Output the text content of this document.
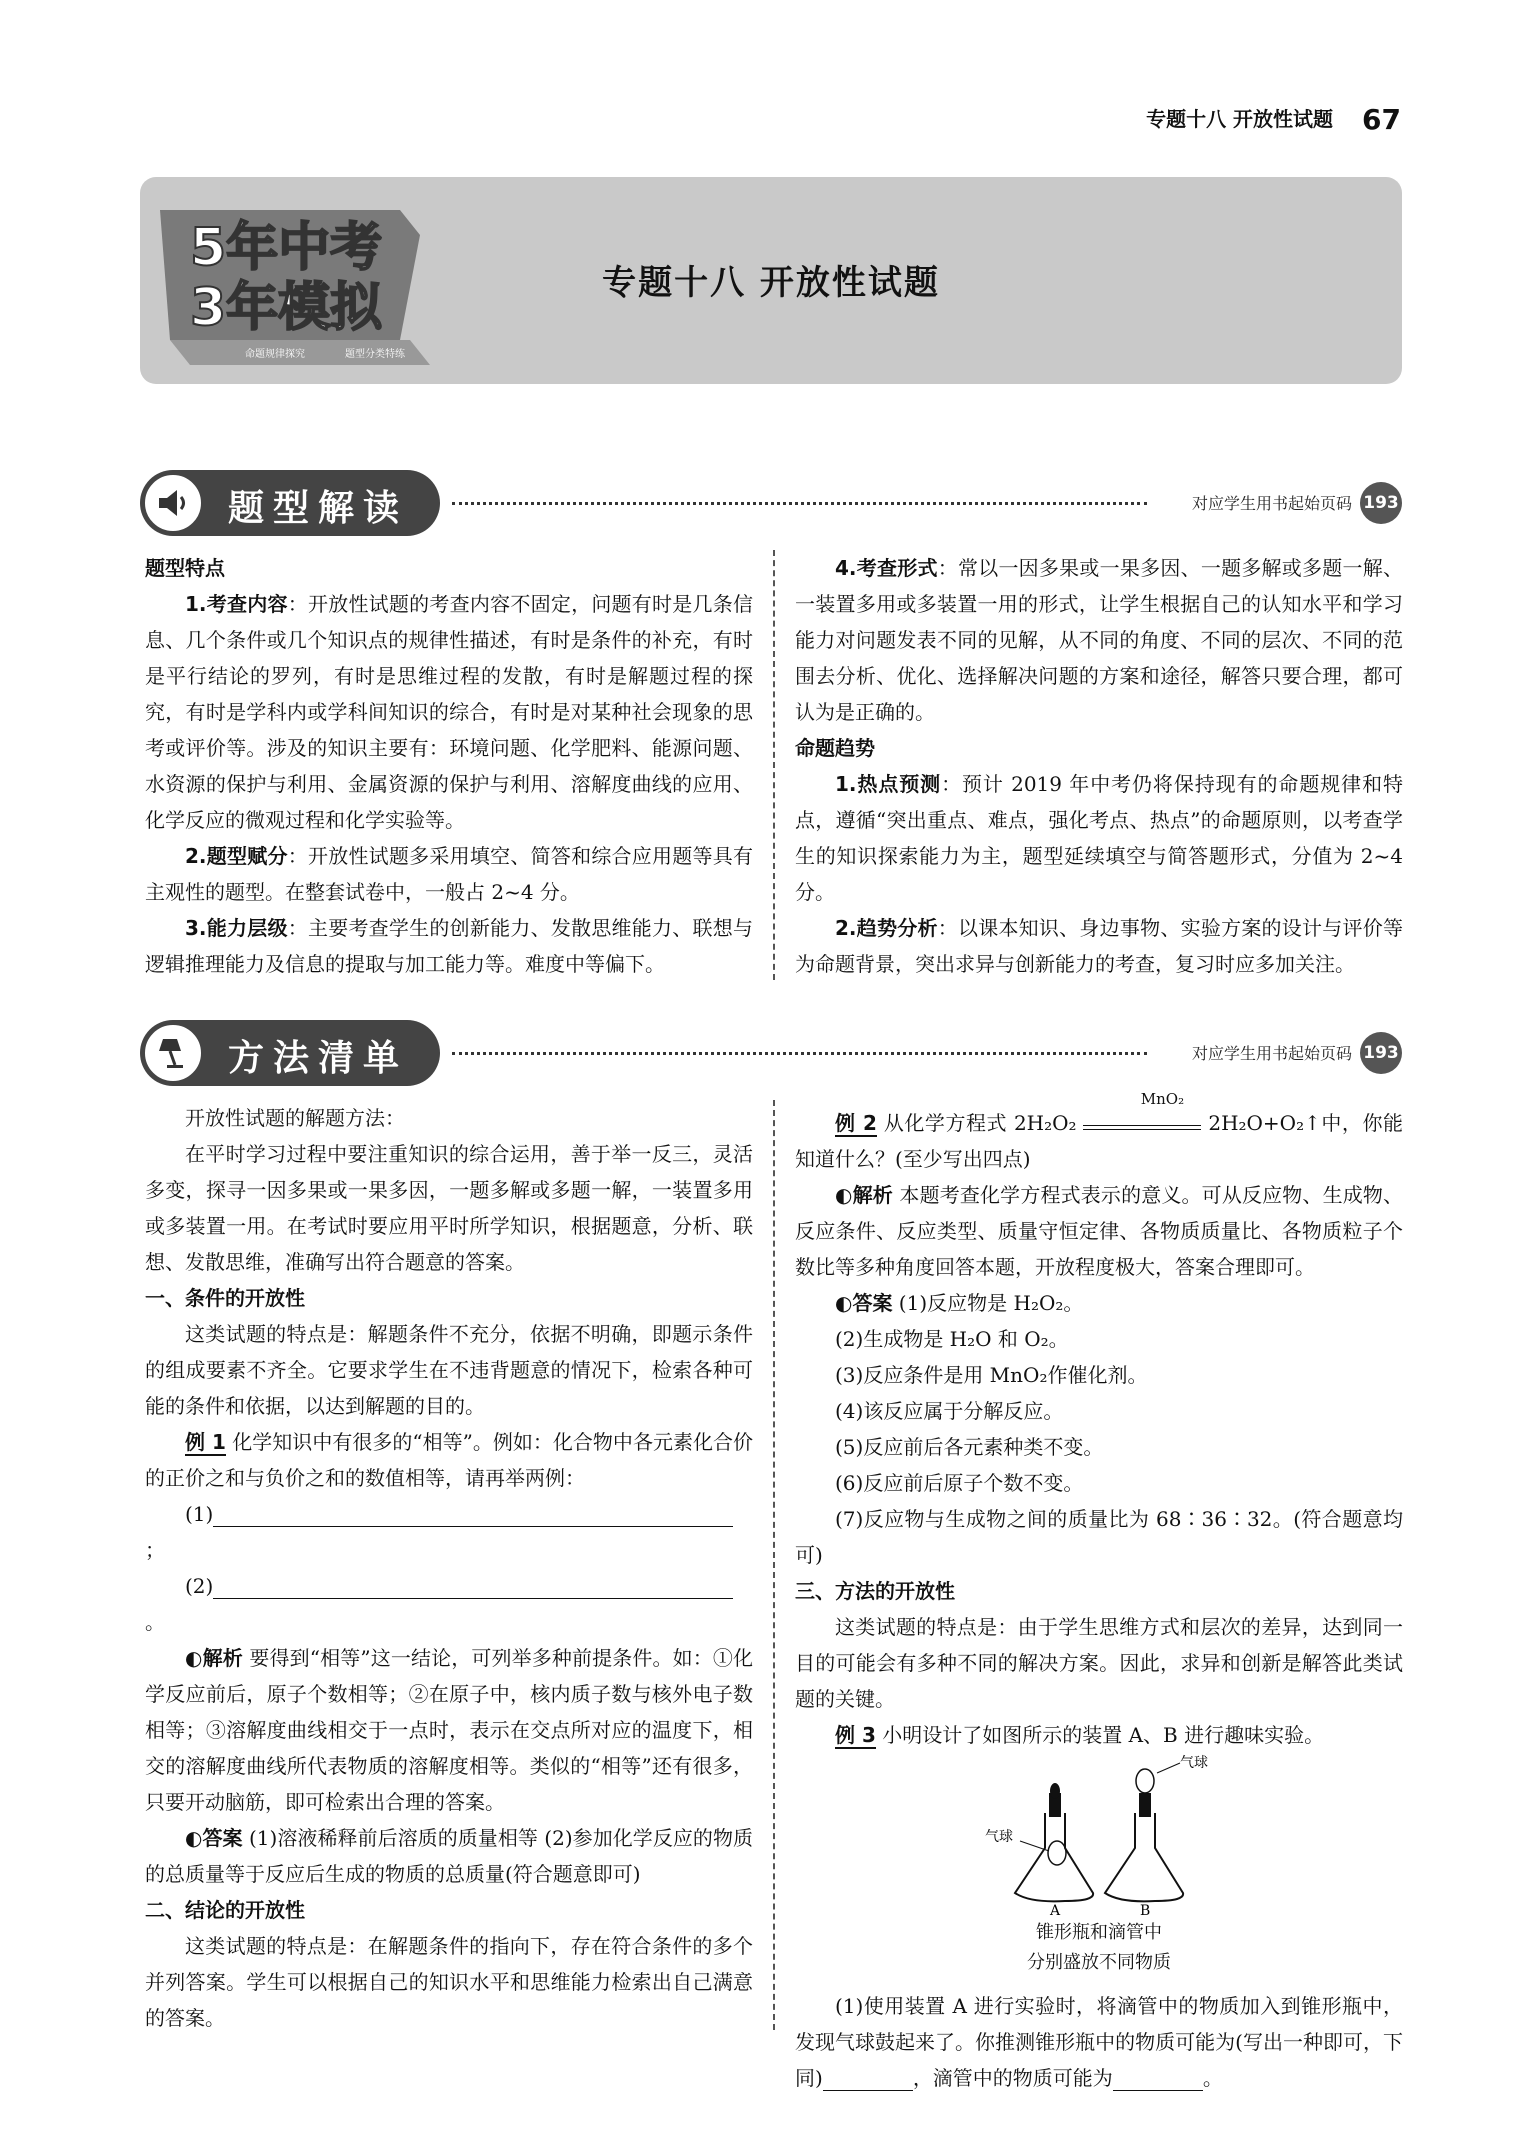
专题十八 开放性试题 67
5年中考
3年模拟
命题规律探究	题型分类特练
专题十八 开放性试题
题型解读	对应学生用书起始页码 193

题型特点

1.考查内容：开放性试题的考查内容不固定，问题有时是几条信息、几个条件或几个知识点的规律性描述，有时是条件的补充，有时是平行结论的罗列，有时是思维过程的发散，有时是解题过程的探究，有时是学科内或学科间知识的综合，有时是对某种社会现象的思考或评价等。涉及的知识主要有：环境问题、化学肥料、能源问题、水资源的保护与利用、金属资源的保护与利用、溶解度曲线的应用、化学反应的微观过程和化学实验等。

2.题型赋分：开放性试题多采用填空、简答和综合应用题等具有主观性的题型。在整套试卷中，一般占 2~4 分。

3.能力层级：主要考查学生的创新能力、发散思维能力、联想与逻辑推理能力及信息的提取与加工能力等。难度中等偏下。

4.考查形式：常以一因多果或一果多因、一题多解或多题一解、一装置多用或多装置一用的形式，让学生根据自己的认知水平和学习能力对问题发表不同的见解，从不同的角度、不同的层次、不同的范围去分析、优化、选择解决问题的方案和途径，解答只要合理，都可认为是正确的。

命题趋势

1.热点预测：预计 2019 年中考仍将保持现有的命题规律和特点，遵循“突出重点、难点，强化考点、热点”的命题原则，以考查学生的知识探索能力为主，题型延续填空与简答题形式，分值为 2~4 分。

2.趋势分析：以课本知识、身边事物、实验方案的设计与评价等为命题背景，突出求异与创新能力的考查，复习时应多加关注。

方法清单	对应学生用书起始页码 193

开放性试题的解题方法：

在平时学习过程中要注重知识的综合运用，善于举一反三，灵活多变，探寻一因多果或一果多因，一题多解或多题一解，一装置多用或多装置一用。在考试时要应用平时所学知识，根据题意，分析、联想、发散思维，准确写出符合题意的答案。

一、条件的开放性

这类试题的特点是：解题条件不充分，依据不明确，即题示条件的组成要素不齐全。它要求学生在不违背题意的情况下，检索各种可能的条件和依据，以达到解题的目的。

例 1 化学知识中有很多的“相等”。例如：化合物中各元素化合价的正价之和与负价之和的数值相等，请再举两例：

(1)；

(2)。

◐解析 要得到“相等”这一结论，可列举多种前提条件。如：①化学反应前后，原子个数相等；②在原子中，核内质子数与核外电子数相等；③溶解度曲线相交于一点时，表示在交点所对应的温度下，相交的溶解度曲线所代表物质的溶解度相等。类似的“相等”还有很多，只要开动脑筋，即可检索出合理的答案。

◐答案 (1)溶液稀释前后溶质的质量相等 (2)参加化学反应的物质的总质量等于反应后生成的物质的总质量(符合题意即可)

二、结论的开放性

这类试题的特点是：在解题条件的指向下，存在符合条件的多个并列答案。学生可以根据自己的知识水平和思维能力检索出自己满意的答案。

例 2 从化学方程式 2H₂O₂
MnO₂
2H₂O+O₂↑中，你能知道什么？(至少写出四点)

◐解析 本题考查化学方程式表示的意义。可从反应物、生成物、反应条件、反应类型、质量守恒定律、各物质质量比、各物质粒子个数比等多种角度回答本题，开放程度极大，答案合理即可。

◐答案 (1)反应物是 H₂O₂。

(2)生成物是 H₂O 和 O₂。

(3)反应条件是用 MnO₂作催化剂。

(4)该反应属于分解反应。

(5)反应前后各元素种类不变。

(6)反应前后原子个数不变。

(7)反应物与生成物之间的质量比为 68∶36∶32。(符合题意均可)

三、方法的开放性

这类试题的特点是：由于学生思维方式和层次的差异，达到同一目的可能会有多种不同的解决方案。因此，求异和创新是解答此类试题的关键。

例 3 小明设计了如图所示的装置 A、B 进行趣味实验。

气球
A
气球
B

锥形瓶和滴管中

分别盛放不同物质

(1)使用装置 A 进行实验时，将滴管中的物质加入到锥形瓶中，发现气球鼓起来了。你推测锥形瓶中的物质可能为(写出一种即可，下同)	，滴管中的物质可能为	。
